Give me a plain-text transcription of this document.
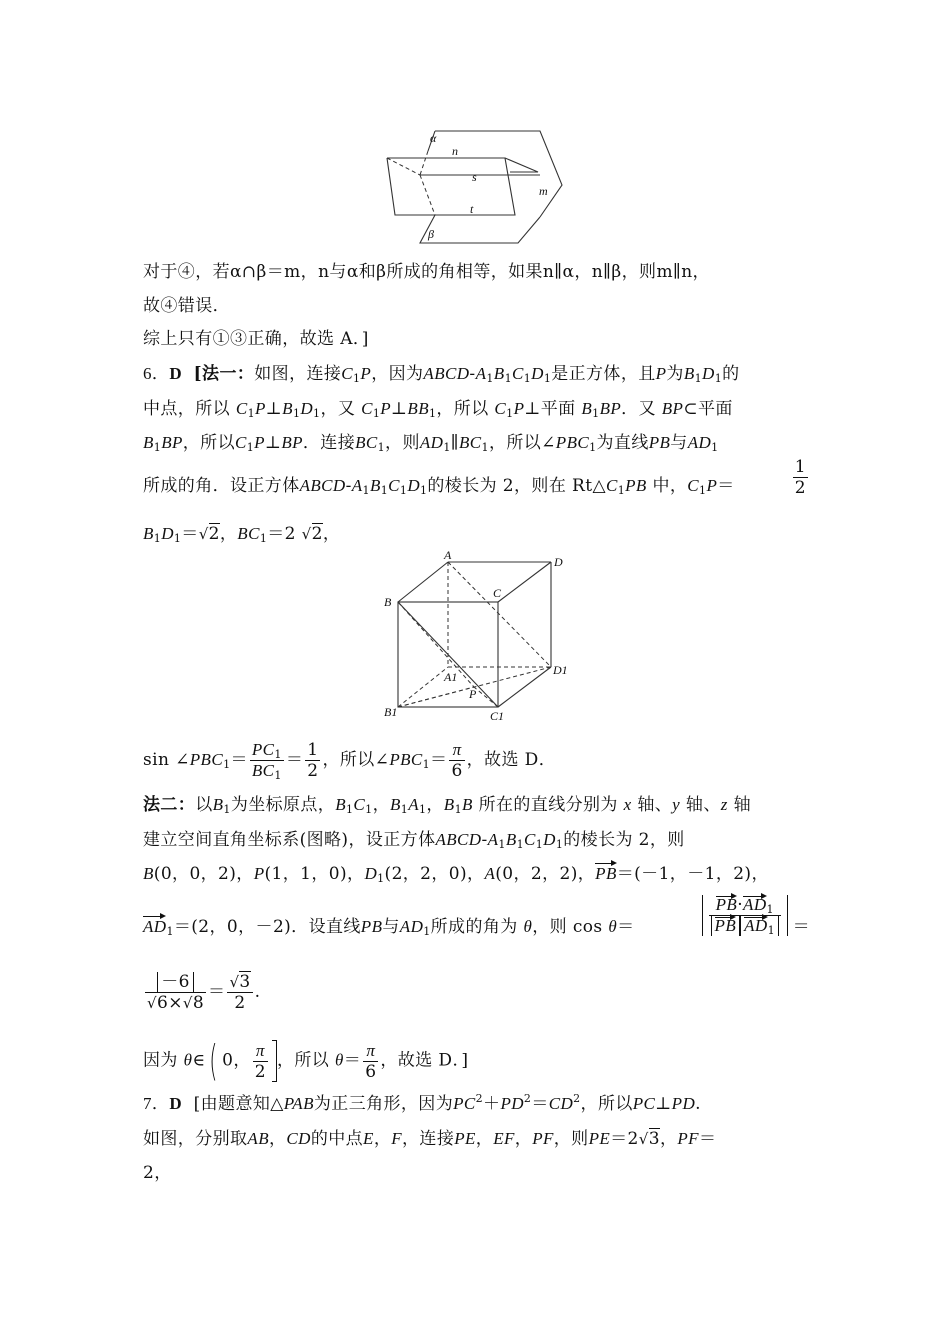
α
n
s
m
t
β
对于④，若α∩β＝m，n与α和β所成的角相等，如果n∥α，n∥β，则m∥n，
故④错误．
综上只有①③正确，故选 A．]
6．D [法一：如图，连接$C_1P$，因为ABCD-$A_1B_1C_1D_1$是正方体，且P为$B_1D_1$的
中点，所以 $C_1P\perp B_1D_1$，又 $C_1P\perp BB_1$，所以 $C_1P\perp$平面 $B_1BP$．又 BP⊂平面
$B_1BP$，所以$C_1P\perp BP$．连接$BC_1$，则$AD_1\parallel BC_1$，所以$\angle PBC_1$为直线PB与$AD_1$
所成的角．设正方体ABCD-$A_1B_1C_1D_1$的棱长为 2，则在 $Rt\triangle C_1PB$ 中，$C_1P=$	$\frac{1}{2}$
$B_1D_1=√2$，$BC_1=2$ √2，
A	D
B
C
D1
A1
P
B1	C1
$\sin \angle PBC_1= \frac{PC_1}{BC_1} = \frac{1}{2}$ ，所以$\angle PBC_1= \frac{\pi}{6}$ ，故选 D．
法二：以$B_1$为坐标原点，$B_1C_1$，$B_1A_1$，$B_1B$ 所在的直线分别为 x 轴、y 轴、z 轴
建立空间直角坐标系(图略)，设正方体ABCD-$A_1B_1C_1D_1$的棱长为 2，则
B(0，0，2)，P(1，1，0)，$D_1(2$，2，0)，A(0，2，2)，PB＝(－1，－1，2)，
$AD_1=(2$，0，－2)．设直线PB与$AD_1$所成的角为 θ，则 cos θ＝	$\frac{PB\cdot AD_1}{PB AD_1}$ ＝
$\frac{-6}{√6\times√8} = \frac{√3}{2}$ .
因为 θ∈( 0， $\frac{\pi}{2}$ ，所以 $\theta= \frac{\pi}{6}$ ，故选 D．]
7．D  [由题意知△PAB为正三角形，因为$PC^2+PD^2=CD^2$，所以PC⊥PD.
如图，分别取AB，CD的中点E，F，连接PE，EF，PF，则PE＝2√3，PF＝
2，
